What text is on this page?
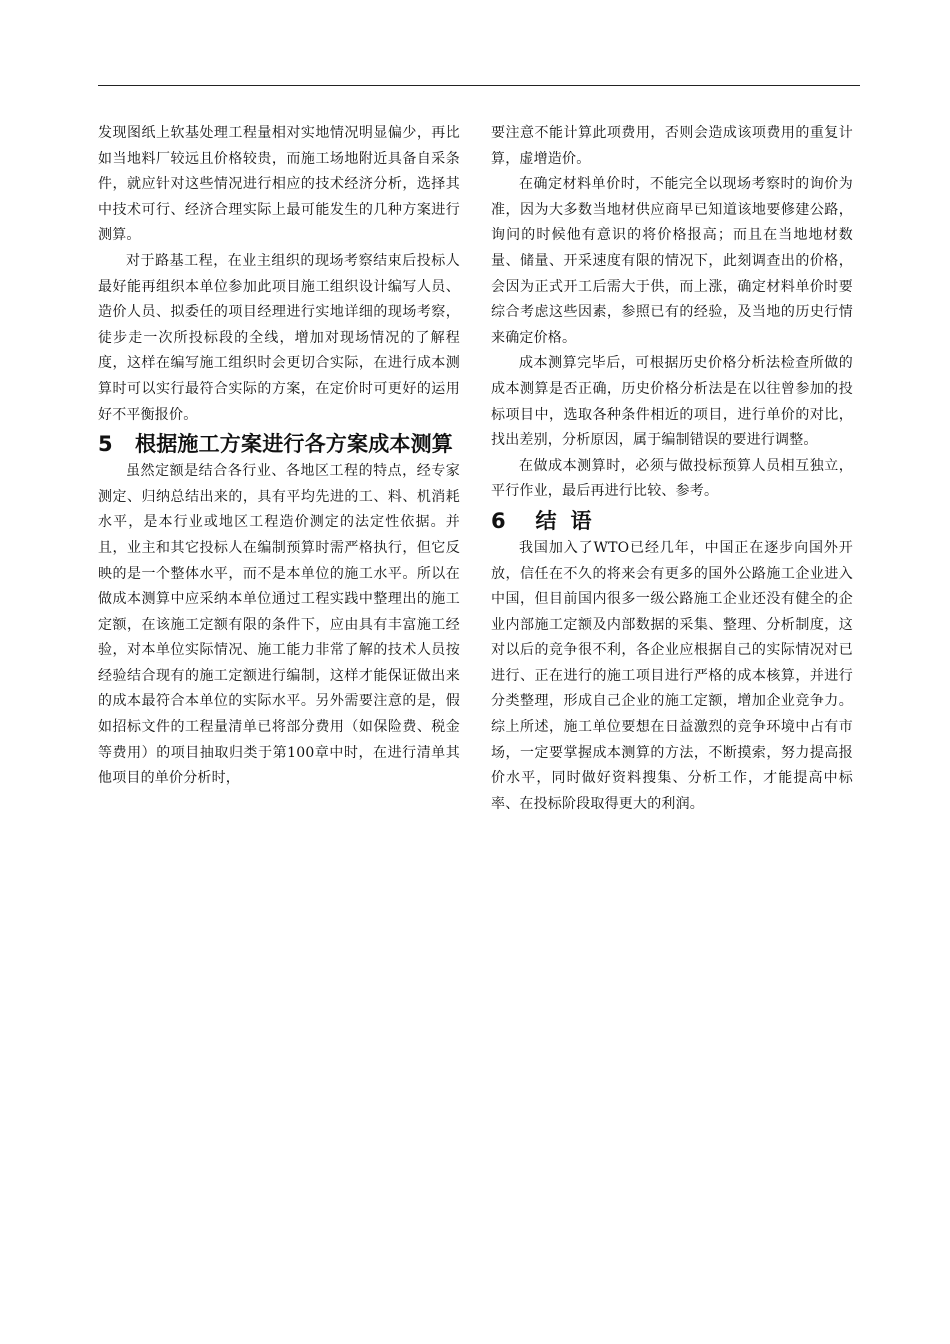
发现图纸上软基处理工程量相对实地情况明显偏少，再比如当地料厂较远且价格较贵，而施工场地附近具备自采条件，就应针对这些情况进行相应的技术经济分析，选择其中技术可行、经济合理实际上最可能发生的几种方案进行测算。

对于路基工程，在业主组织的现场考察结束后投标人最好能再组织本单位参加此项目施工组织设计编写人员、造价人员、拟委任的项目经理进行实地详细的现场考察，徒步走一次所投标段的全线，增加对现场情况的了解程度，这样在编写施工组织时会更切合实际，在进行成本测算时可以实行最符合实际的方案，在定价时可更好的运用好不平衡报价。

5	根据施工方案进行各方案成本测算

虽然定额是结合各行业、各地区工程的特点，经专家测定、归纳总结出来的，具有平均先进的工、料、机消耗水平，是本行业或地区工程造价测定的法定性依据。并且，业主和其它投标人在编制预算时需严格执行，但它反映的是一个整体水平，而不是本单位的施工水平。所以在做成本测算中应采纳本单位通过工程实践中整理出的施工定额，在该施工定额有限的条件下，应由具有丰富施工经验，对本单位实际情况、施工能力非常了解的技术人员按经验结合现有的施工定额进行编制，这样才能保证做出来的成本最符合本单位的实际水平。另外需要注意的是，假如招标文件的工程量清单已将部分费用（如保险费、税金等费用）的项目抽取归类于第100章中时，在进行清单其他项目的单价分析时，

要注意不能计算此项费用，否则会造成该项费用的重复计算，虚增造价。

在确定材料单价时，不能完全以现场考察时的询价为准，因为大多数当地材供应商早已知道该地要修建公路，询问的时候他有意识的将价格报高；而且在当地地材数量、储量、开采速度有限的情况下，此刻调查出的价格，会因为正式开工后需大于供，而上涨，确定材料单价时要综合考虑这些因素，参照已有的经验，及当地的历史行情来确定价格。

成本测算完毕后，可根据历史价格分析法检查所做的成本测算是否正确，历史价格分析法是在以往曾参加的投标项目中，选取各种条件相近的项目，进行单价的对比，找出差别，分析原因，属于编制错误的要进行调整。

在做成本测算时，必须与做投标预算人员相互独立，平行作业，最后再进行比较、参考。

6 结语

我国加入了WTO已经几年，中国正在逐步向国外开放，信任在不久的将来会有更多的国外公路施工企业进入中国，但目前国内很多一级公路施工企业还没有健全的企业内部施工定额及内部数据的采集、整理、分析制度，这对以后的竞争很不利，各企业应根据自己的实际情况对已进行、正在进行的施工项目进行严格的成本核算，并进行分类整理，形成自己企业的施工定额，增加企业竞争力。综上所述，施工单位要想在日益激烈的竞争环境中占有市场，一定要掌握成本测算的方法，不断摸索，努力提高报价水平，同时做好资料搜集、分析工作，才能提高中标率、在投标阶段取得更大的利润。
